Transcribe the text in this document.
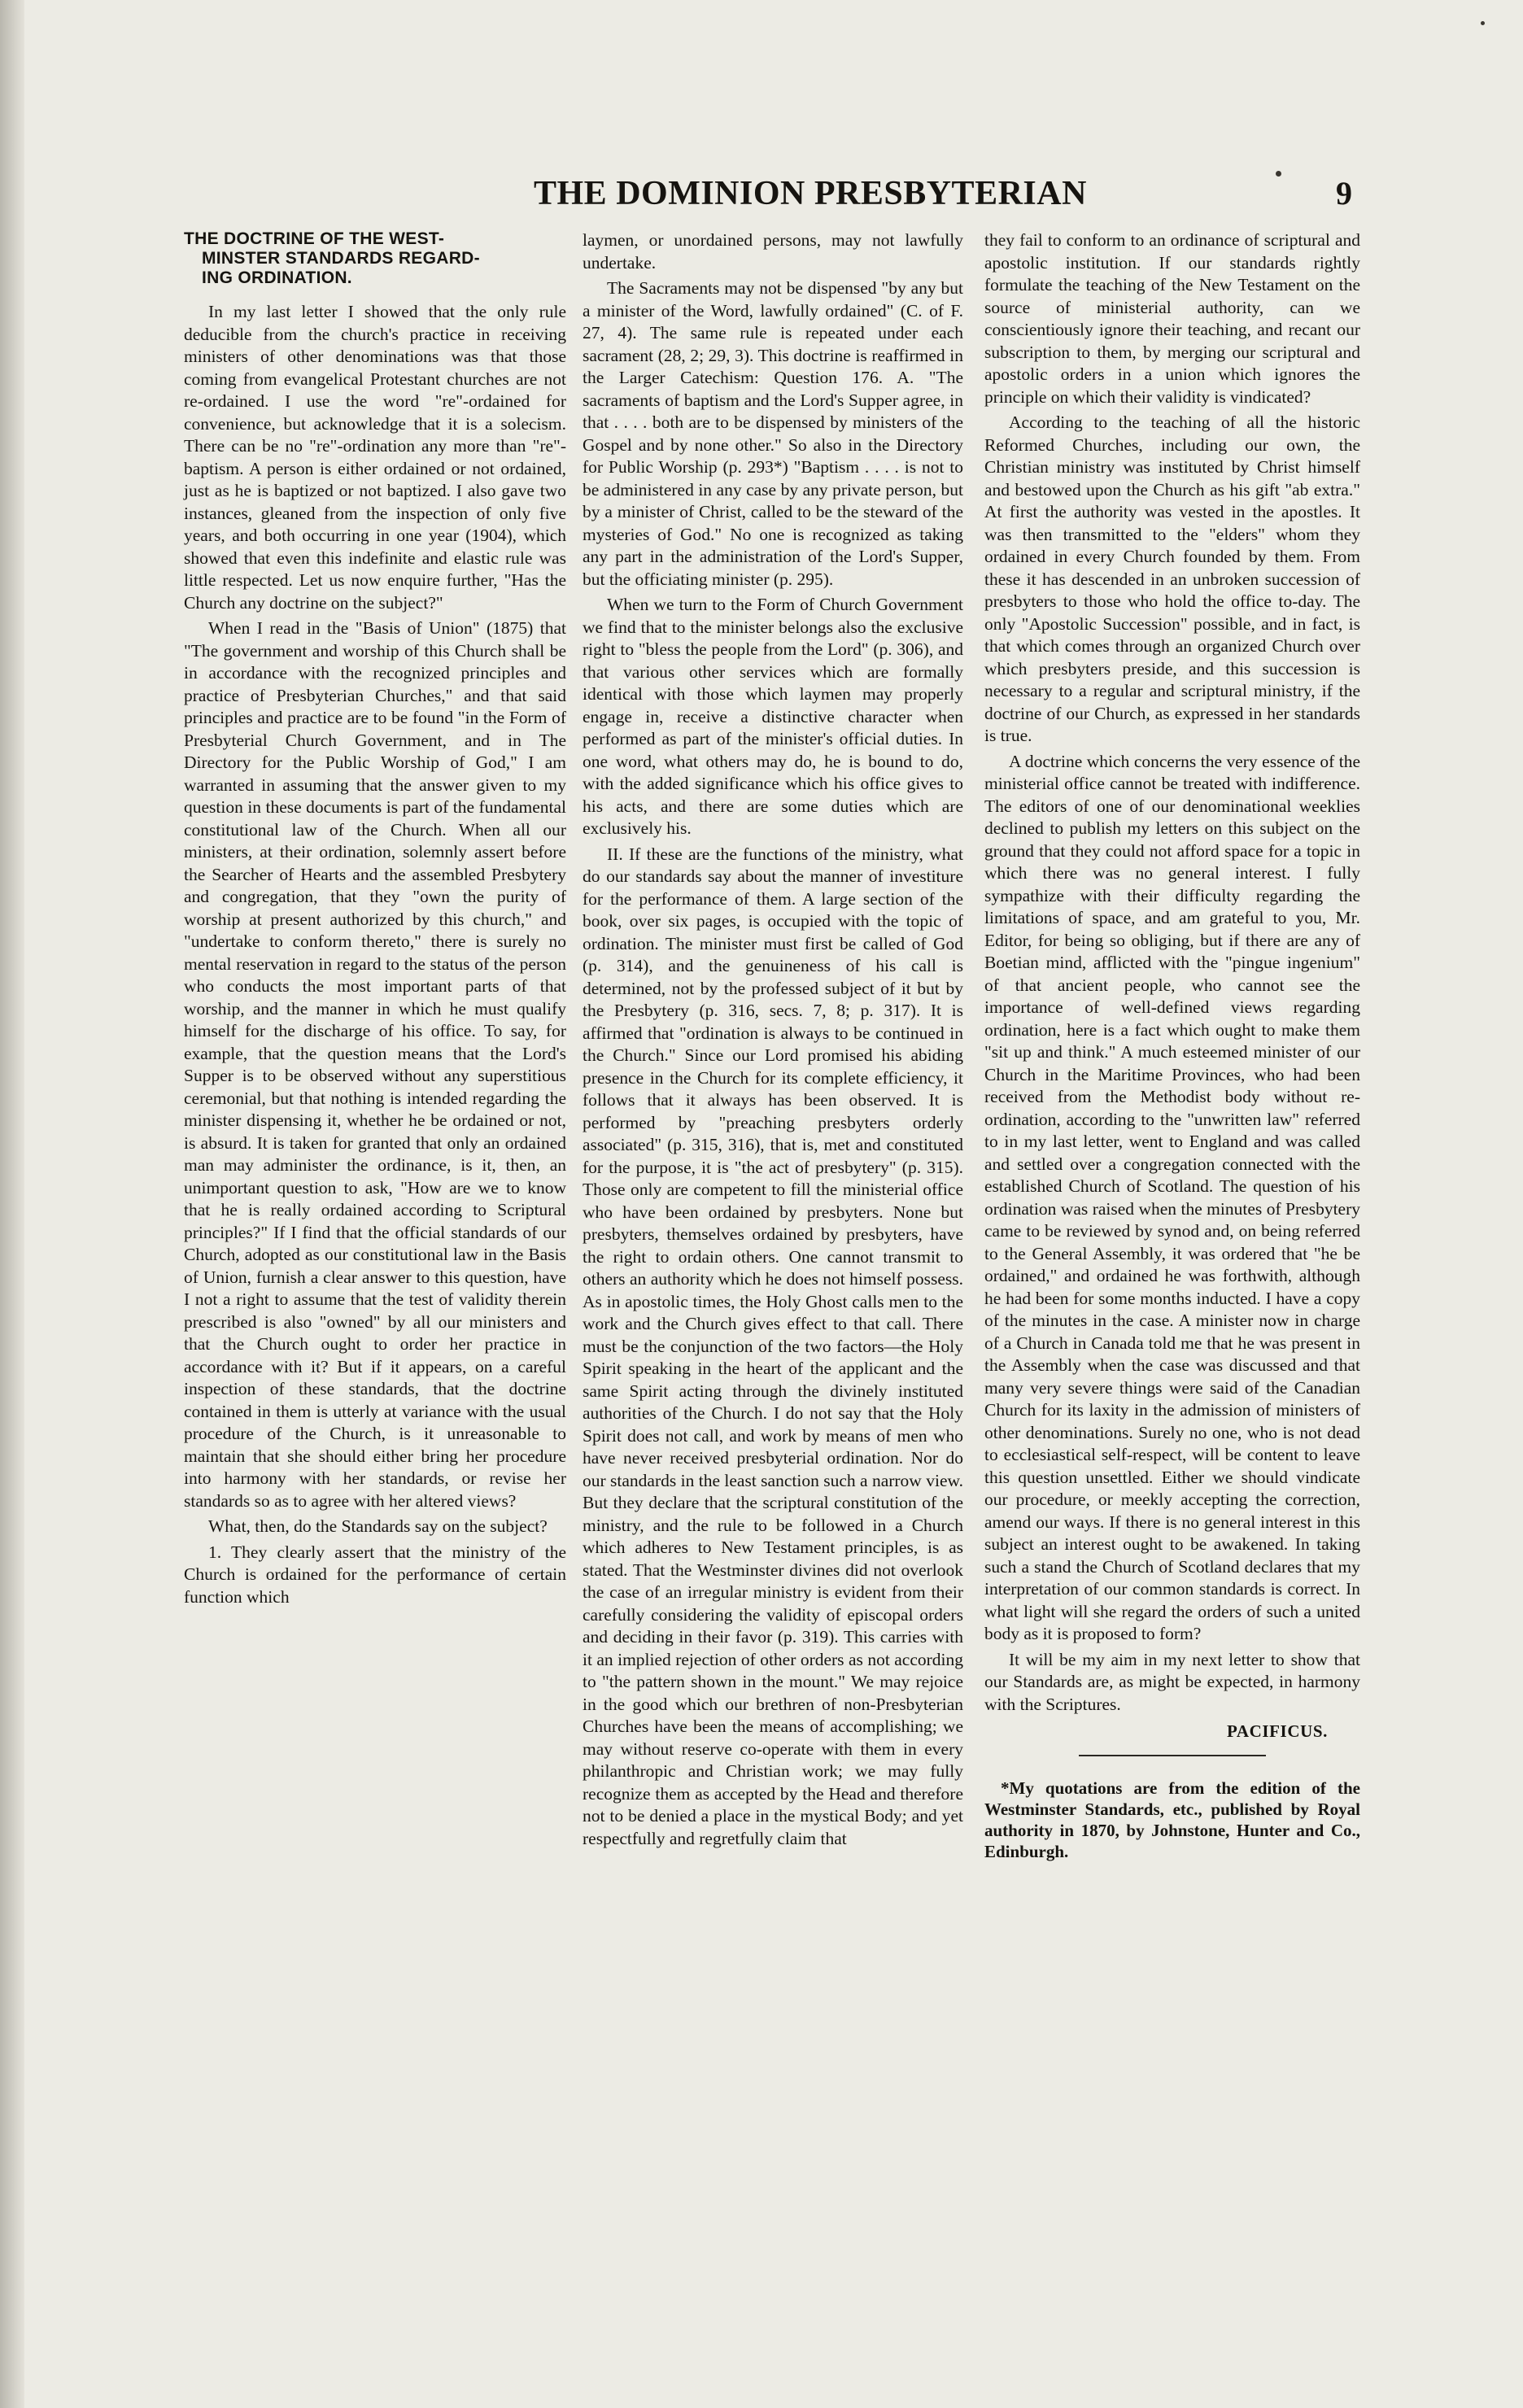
THE DOMINION PRESBYTERIAN	9
THE DOCTRINE OF THE WEST-
MINSTER STANDARDS REGARD-
ING ORDINATION.

In my last letter I showed that the only rule deducible from the church's practice in receiving ministers of other denominations was that those coming from evangelical Protestant churches are not re-ordained. I use the word "re"-ordained for convenience, but acknowledge that it is a solecism. There can be no "re"-ordination any more than "re"-baptism. A person is either ordained or not ordained, just as he is baptized or not baptized. I also gave two instances, gleaned from the inspection of only five years, and both occurring in one year (1904), which showed that even this indefinite and elastic rule was little respected. Let us now enquire further, "Has the Church any doctrine on the subject?"

When I read in the "Basis of Union" (1875) that "The government and worship of this Church shall be in accordance with the recognized principles and practice of Presbyterian Churches," and that said principles and practice are to be found "in the Form of Presbyterial Church Government, and in The Directory for the Public Worship of God," I am warranted in assuming that the answer given to my question in these documents is part of the fundamental constitutional law of the Church. When all our ministers, at their ordination, solemnly assert before the Searcher of Hearts and the assembled Presbytery and congregation, that they "own the purity of worship at present authorized by this church," and "undertake to conform thereto," there is surely no mental reservation in regard to the status of the person who conducts the most important parts of that worship, and the manner in which he must qualify himself for the discharge of his office. To say, for example, that the question means that the Lord's Supper is to be observed without any superstitious ceremonial, but that nothing is intended regarding the minister dispensing it, whether he be ordained or not, is absurd. It is taken for granted that only an ordained man may administer the ordinance, is it, then, an unimportant question to ask, "How are we to know that he is really ordained according to Scriptural principles?" If I find that the official standards of our Church, adopted as our constitutional law in the Basis of Union, furnish a clear answer to this question, have I not a right to assume that the test of validity therein prescribed is also "owned" by all our ministers and that the Church ought to order her practice in accordance with it? But if it appears, on a careful inspection of these standards, that the doctrine contained in them is utterly at variance with the usual procedure of the Church, is it unreasonable to maintain that she should either bring her procedure into harmony with her standards, or revise her standards so as to agree with her altered views?

What, then, do the Standards say on the subject?

1. They clearly assert that the ministry of the Church is ordained for the performance of certain function which

laymen, or unordained persons, may not lawfully undertake.

The Sacraments may not be dispensed "by any but a minister of the Word, lawfully ordained" (C. of F. 27, 4). The same rule is repeated under each sacrament (28, 2; 29, 3). This doctrine is reaffirmed in the Larger Catechism: Question 176. A. "The sacraments of baptism and the Lord's Supper agree, in that . . . . both are to be dispensed by ministers of the Gospel and by none other." So also in the Directory for Public Worship (p. 293*) "Baptism . . . . is not to be administered in any case by any private person, but by a minister of Christ, called to be the steward of the mysteries of God." No one is recognized as taking any part in the administration of the Lord's Supper, but the officiating minister (p. 295).

When we turn to the Form of Church Government we find that to the minister belongs also the exclusive right to "bless the people from the Lord" (p. 306), and that various other services which are formally identical with those which laymen may properly engage in, receive a distinctive character when performed as part of the minister's official duties. In one word, what others may do, he is bound to do, with the added significance which his office gives to his acts, and there are some duties which are exclusively his.

II. If these are the functions of the ministry, what do our standards say about the manner of investiture for the performance of them. A large section of the book, over six pages, is occupied with the topic of ordination. The minister must first be called of God (p. 314), and the genuineness of his call is determined, not by the professed subject of it but by the Presbytery (p. 316, secs. 7, 8; p. 317). It is affirmed that "ordination is always to be continued in the Church." Since our Lord promised his abiding presence in the Church for its complete efficiency, it follows that it always has been observed. It is performed by "preaching presbyters orderly associated" (p. 315, 316), that is, met and constituted for the purpose, it is "the act of presbytery" (p. 315). Those only are competent to fill the ministerial office who have been ordained by presbyters. None but presbyters, themselves ordained by presbyters, have the right to ordain others. One cannot transmit to others an authority which he does not himself possess. As in apostolic times, the Holy Ghost calls men to the work and the Church gives effect to that call. There must be the conjunction of the two factors—the Holy Spirit speaking in the heart of the applicant and the same Spirit acting through the divinely instituted authorities of the Church. I do not say that the Holy Spirit does not call, and work by means of men who have never received presbyterial ordination. Nor do our standards in the least sanction such a narrow view. But they declare that the scriptural constitution of the ministry, and the rule to be followed in a Church which adheres to New Testament principles, is as stated. That the Westminster divines did not overlook the case of an irregular ministry is evident from their carefully considering the validity of episcopal orders and deciding in their favor (p. 319). This carries with it an implied rejection of other orders as not according to "the pattern shown in the mount." We may rejoice in the good which our brethren of non-Presbyterian Churches have been the means of accomplishing; we may without reserve co-operate with them in every philanthropic and Christian work; we may fully recognize them as accepted by the Head and therefore not to be denied a place in the mystical Body; and yet respectfully and regretfully claim that

they fail to conform to an ordinance of scriptural and apostolic institution. If our standards rightly formulate the teaching of the New Testament on the source of ministerial authority, can we conscientiously ignore their teaching, and recant our subscription to them, by merging our scriptural and apostolic orders in a union which ignores the principle on which their validity is vindicated?

According to the teaching of all the historic Reformed Churches, including our own, the Christian ministry was instituted by Christ himself and bestowed upon the Church as his gift "ab extra." At first the authority was vested in the apostles. It was then transmitted to the "elders" whom they ordained in every Church founded by them. From these it has descended in an unbroken succession of presbyters to those who hold the office to-day. The only "Apostolic Succession" possible, and in fact, is that which comes through an organized Church over which presbyters preside, and this succession is necessary to a regular and scriptural ministry, if the doctrine of our Church, as expressed in her standards is true.

A doctrine which concerns the very essence of the ministerial office cannot be treated with indifference. The editors of one of our denominational weeklies declined to publish my letters on this subject on the ground that they could not afford space for a topic in which there was no general interest. I fully sympathize with their difficulty regarding the limitations of space, and am grateful to you, Mr. Editor, for being so obliging, but if there are any of Boetian mind, afflicted with the "pingue ingenium" of that ancient people, who cannot see the importance of well-defined views regarding ordination, here is a fact which ought to make them "sit up and think." A much esteemed minister of our Church in the Maritime Provinces, who had been received from the Methodist body without re-ordination, according to the "unwritten law" referred to in my last letter, went to England and was called and settled over a congregation connected with the established Church of Scotland. The question of his ordination was raised when the minutes of Presbytery came to be reviewed by synod and, on being referred to the General Assembly, it was ordered that "he be ordained," and ordained he was forthwith, although he had been for some months inducted. I have a copy of the minutes in the case. A minister now in charge of a Church in Canada told me that he was present in the Assembly when the case was discussed and that many very severe things were said of the Canadian Church for its laxity in the admission of ministers of other denominations. Surely no one, who is not dead to ecclesiastical self-respect, will be content to leave this question unsettled. Either we should vindicate our procedure, or meekly accepting the correction, amend our ways. If there is no general interest in this subject an interest ought to be awakened. In taking such a stand the Church of Scotland declares that my interpretation of our common standards is correct. In what light will she regard the orders of such a united body as it is proposed to form?

It will be my aim in my next letter to show that our Standards are, as might be expected, in harmony with the Scriptures.

PACIFICUS.

*My quotations are from the edition of the Westminster Standards, etc., published by Royal authority in 1870, by Johnstone, Hunter and Co., Edinburgh.
